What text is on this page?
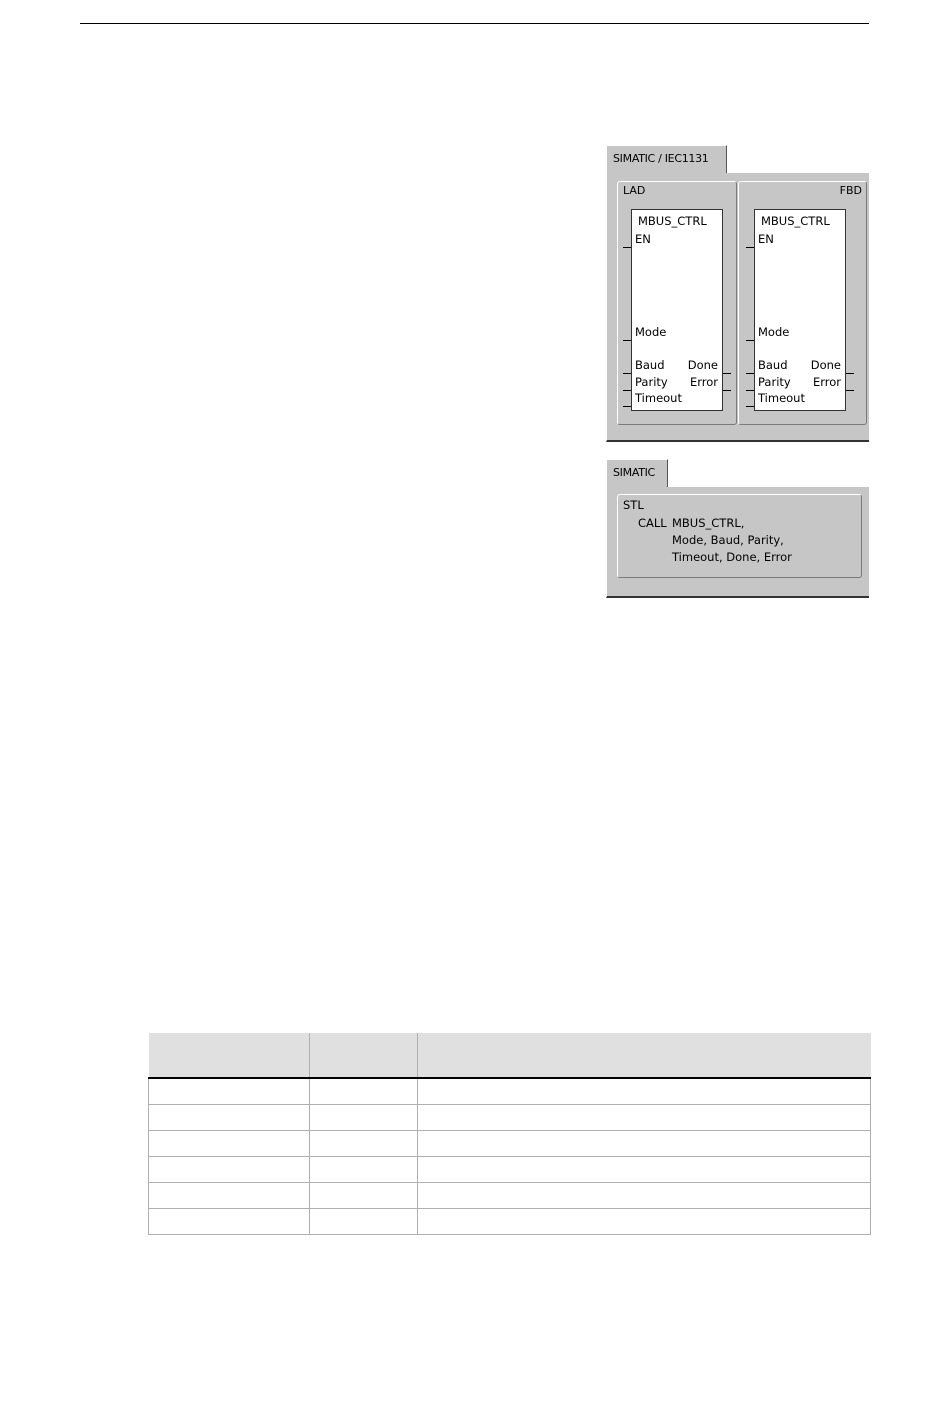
SIMATIC / IEC1131
LAD
MBUS_CTRL
EN
Mode
Baud
Parity
Timeout
Done
Error
FBD
MBUS_CTRL
EN
Mode
Baud
Parity
Timeout
Done
Error
SIMATIC
STL
CALL MBUS_CTRL,
Mode, Baud, Parity,
Timeout, Done, Error
